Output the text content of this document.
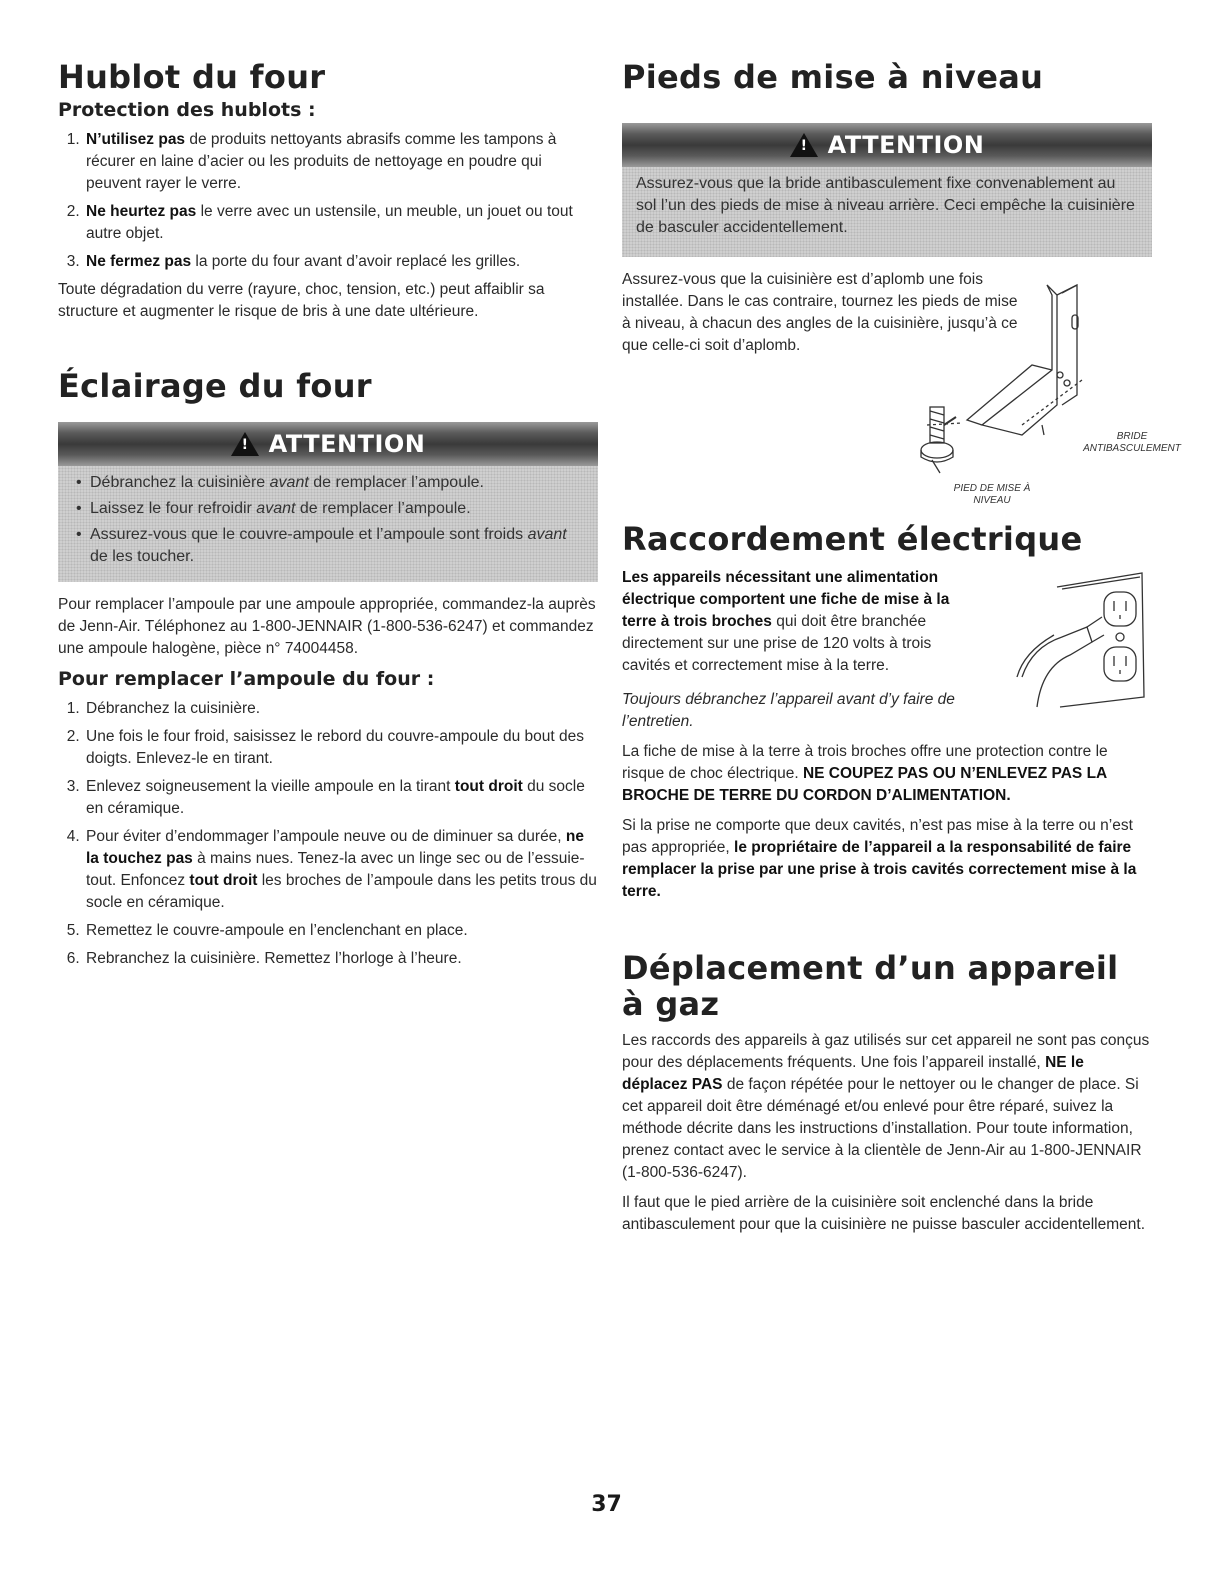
Hublot du four
Protection des hublots :
1. N’utilisez pas de produits nettoyants abrasifs comme les tampons à récurer en laine d’acier ou les produits de nettoyage en poudre qui peuvent rayer le verre.
2. Ne heurtez pas le verre avec un ustensile, un meuble, un jouet ou tout autre objet.
3. Ne fermez pas la porte du four avant d’avoir replacé les grilles.

Toute dégradation du verre (rayure, choc, tension, etc.) peut affaiblir sa structure et augmenter le risque de bris à une date ultérieure.

Éclairage du four
! ATTENTION
• Débranchez la cuisinière avant de remplacer l’ampoule.
• Laissez le four refroidir avant de remplacer l’ampoule.
• Assurez-vous que le couvre-ampoule et l’ampoule sont froids avant de les toucher.

Pour remplacer l’ampoule par une ampoule appropriée, commandez-la auprès de Jenn-Air. Téléphonez au 1-800-JENNAIR (1-800-536-6247) et commandez une ampoule halogène, pièce n° 74004458.

Pour remplacer l’ampoule du four :
1. Débranchez la cuisinière.
2. Une fois le four froid, saisissez le rebord du couvre-ampoule du bout des doigts. Enlevez-le en tirant.
3. Enlevez soigneusement la vieille ampoule en la tirant tout droit du socle en céramique.
4. Pour éviter d’endommager l’ampoule neuve ou de diminuer sa durée, ne la touchez pas à mains nues. Tenez-la avec un linge sec ou de l’essuie-tout. Enfoncez tout droit les broches de l’ampoule dans les petits trous du socle en céramique.
5. Remettez le couvre-ampoule en l’enclenchant en place.
6. Rebranchez la cuisinière. Remettez l’horloge à l’heure.
Pieds de mise à niveau
! ATTENTION

Assurez-vous que la bride antibasculement fixe convenablement au sol l’un des pieds de mise à niveau arrière. Ceci empêche la cuisinière de basculer accidentellement.

Assurez-vous que la cuisinière est d’aplomb une fois installée. Dans le cas contraire, tournez les pieds de mise à niveau, à chacun des angles de la cuisinière, jusqu’à ce que celle-ci soit d’aplomb.

BRIDE ANTIBASCULEMENT
PIED DE MISE À NIVEAU
Raccordement électrique

Les appareils nécessitant une alimentation électrique comportent une fiche de mise à la terre à trois broches qui doit être branchée directement sur une prise de 120 volts à trois cavités et correctement mise à la terre.

Toujours débranchez l’appareil avant d’y faire de l’entretien.

La fiche de mise à la terre à trois broches offre une protection contre le risque de choc électrique. NE COUPEZ PAS OU N’ENLEVEZ PAS LA BROCHE DE TERRE DU CORDON D’ALIMENTATION.

Si la prise ne comporte que deux cavités, n’est pas mise à la terre ou n’est pas appropriée, le propriétaire de l’appareil a la responsabilité de faire remplacer la prise par une prise à trois cavités correctement mise à la terre.

Déplacement d’un appareil
à gaz

Les raccords des appareils à gaz utilisés sur cet appareil ne sont pas conçus pour des déplacements fréquents. Une fois l’appareil installé, NE le déplacez PAS de façon répétée pour le nettoyer ou le changer de place. Si cet appareil doit être déménagé et/ou enlevé pour être réparé, suivez la méthode décrite dans les instructions d’installation. Pour toute information, prenez contact avec le service à la clientèle de Jenn-Air au 1-800-JENNAIR (1-800-536-6247).

Il faut que le pied arrière de la cuisinière soit enclenché dans la bride antibasculement pour que la cuisinière ne puisse basculer accidentellement.

37
